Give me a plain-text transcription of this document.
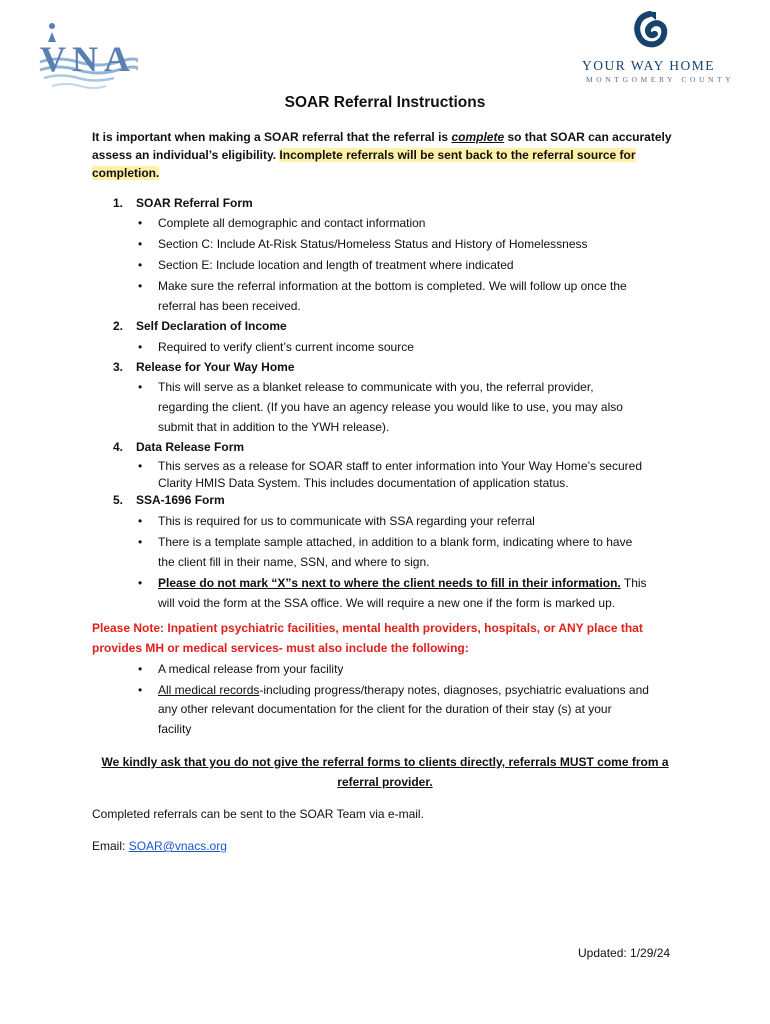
VNA	YOUR WAY HOME
MONTGOMERY COUNTY
SOAR Referral Instructions
It is important when making a SOAR referral that the referral is complete so that SOAR can accurately
assess an individual’s eligibility. Incomplete referrals will be sent back to the referral source for
completion.
1. SOAR Referral Form
• Complete all demographic and contact information
• Section C: Include At-Risk Status/Homeless Status and History of Homelessness
• Section E: Include location and length of treatment where indicated
• Make sure the referral information at the bottom is completed. We will follow up once the
referral has been received.
2. Self Declaration of Income
• Required to verify client’s current income source
3. Release for Your Way Home
• This will serve as a blanket release to communicate with you, the referral provider,
regarding the client. (If you have an agency release you would like to use, you may also
submit that in addition to the YWH release).
4. Data Release Form
• This serves as a release for SOAR staff to enter information into Your Way Home’s secured
Clarity HMIS Data System. This includes documentation of application status.
5. SSA-1696 Form
• This is required for us to communicate with SSA regarding your referral
• There is a template sample attached, in addition to a blank form, indicating where to have
the client fill in their name, SSN, and where to sign.
• Please do not mark “X”s next to where the client needs to fill in their information. This
will void the form at the SSA office. We will require a new one if the form is marked up.
Please Note: Inpatient psychiatric facilities, mental health providers, hospitals, or ANY place that
provides MH or medical services- must also include the following:
• A medical release from your facility
• All medical records-including progress/therapy notes, diagnoses, psychiatric evaluations and
any other relevant documentation for the client for the duration of their stay (s) at your
facility
We kindly ask that you do not give the referral forms to clients directly, referrals MUST come from a
referral provider.
Completed referrals can be sent to the SOAR Team via e-mail.
Email: SOAR@vnacs.org
Updated: 1/29/24
